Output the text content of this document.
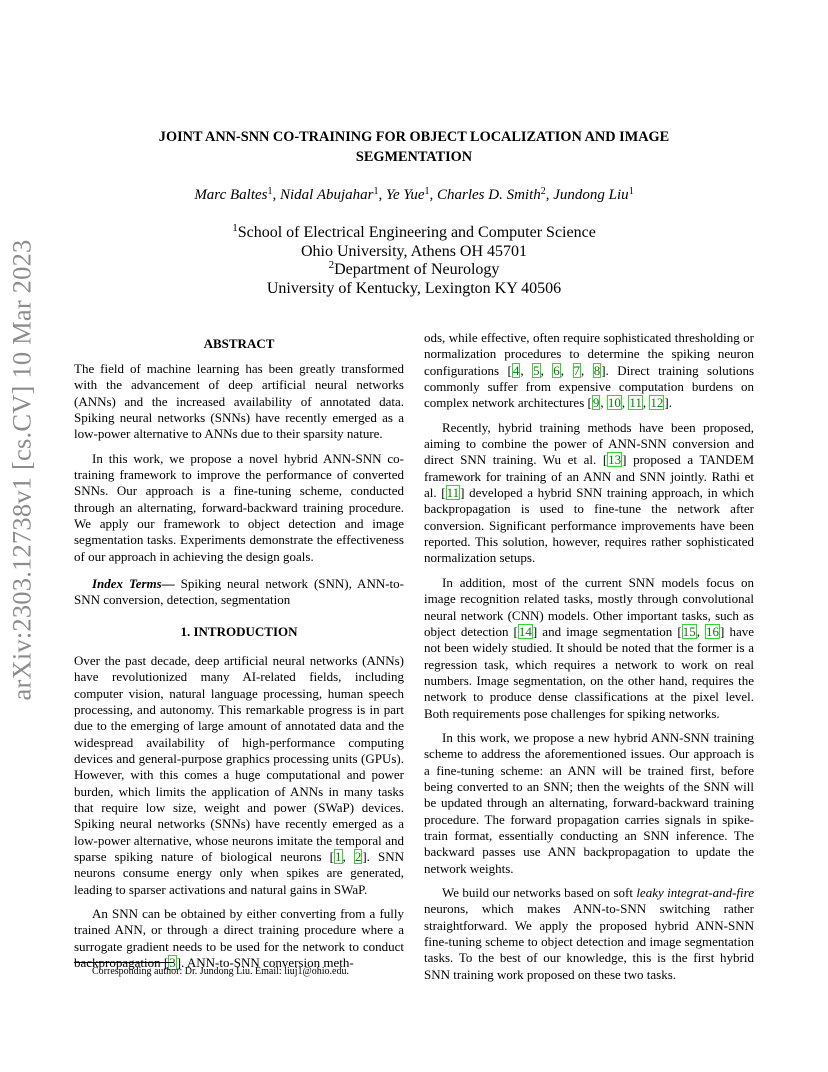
arXiv:2303.12738v1 [cs.CV] 10 Mar 2023
JOINT ANN-SNN CO-TRAINING FOR OBJECT LOCALIZATION AND IMAGE
SEGMENTATION
Marc Baltes$^1$, Nidal Abujahar$^1$, Ye Yue$^1$, Charles D. Smith$^2$, Jundong Liu$^1$
$^1$School of Electrical Engineering and Computer Science
Ohio University, Athens OH 45701
$^2$Department of Neurology
University of Kentucky, Lexington KY 40506
ABSTRACT

The field of machine learning has been greatly transformed with the advancement of deep artificial neural networks (ANNs) and the increased availability of annotated data. Spiking neural networks (SNNs) have recently emerged as a low-power alternative to ANNs due to their sparsity nature.

In this work, we propose a novel hybrid ANN-SNN co-training framework to improve the performance of converted SNNs. Our approach is a fine-tuning scheme, conducted through an alternating, forward-backward training procedure. We apply our framework to object detection and image segmentation tasks. Experiments demonstrate the effectiveness of our approach in achieving the design goals.

Index Terms— Spiking neural network (SNN), ANN-to-SNN conversion, detection, segmentation

1. INTRODUCTION

Over the past decade, deep artificial neural networks (ANNs) have revolutionized many AI-related fields, including computer vision, natural language processing, human speech processing, and autonomy. This remarkable progress is in part due to the emerging of large amount of annotated data and the widespread availability of high-performance computing devices and general-purpose graphics processing units (GPUs). However, with this comes a huge computational and power burden, which limits the application of ANNs in many tasks that require low size, weight and power (SWaP) devices. Spiking neural networks (SNNs) have recently emerged as a low-power alternative, whose neurons imitate the temporal and sparse spiking nature of biological neurons [1, 2]. SNN neurons consume energy only when spikes are generated, leading to sparser activations and natural gains in SWaP.

An SNN can be obtained by either converting from a fully trained ANN, or through a direct training procedure where a surrogate gradient needs to be used for the network to conduct backpropagation [3]. ANN-to-SNN conversion meth-

ods, while effective, often require sophisticated thresholding or normalization procedures to determine the spiking neuron configurations [4, 5, 6, 7, 8]. Direct training solutions commonly suffer from expensive computation burdens on complex network architectures [9, 10, 11, 12].

Recently, hybrid training methods have been proposed, aiming to combine the power of ANN-SNN conversion and direct SNN training. Wu et al. [13] proposed a TANDEM framework for training of an ANN and SNN jointly. Rathi et al. [11] developed a hybrid SNN training approach, in which backpropagation is used to fine-tune the network after conversion. Significant performance improvements have been reported. This solution, however, requires rather sophisticated normalization setups.

In addition, most of the current SNN models focus on image recognition related tasks, mostly through convolutional neural network (CNN) models. Other important tasks, such as object detection [14] and image segmentation [15, 16] have not been widely studied. It should be noted that the former is a regression task, which requires a network to work on real numbers. Image segmentation, on the other hand, requires the network to produce dense classifications at the pixel level. Both requirements pose challenges for spiking networks.

In this work, we propose a new hybrid ANN-SNN training scheme to address the aforementioned issues. Our approach is a fine-tuning scheme: an ANN will be trained first, before being converted to an SNN; then the weights of the SNN will be updated through an alternating, forward-backward training procedure. The forward propagation carries signals in spike-train format, essentially conducting an SNN inference. The backward passes use ANN backpropagation to update the network weights.

We build our networks based on soft leaky integrat-and-fire neurons, which makes ANN-to-SNN switching rather straightforward. We apply the proposed hybrid ANN-SNN fine-tuning scheme to object detection and image segmentation tasks. To the best of our knowledge, this is the first hybrid SNN training work proposed on these two tasks.

Corresponding author: Dr. Jundong Liu. Email: liuj1@ohio.edu.
